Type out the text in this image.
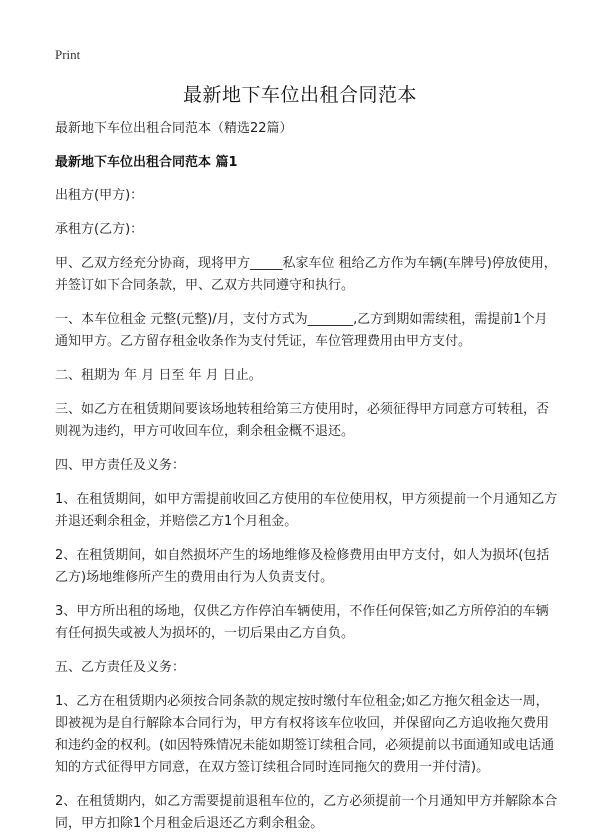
Print
最新地下车位出租合同范本

最新地下车位出租合同范本（精选22篇）

最新地下车位出租合同范本 篇1

出租方(甲方)：

承租方(乙方)：

甲、乙双方经充分协商，现将甲方_____私家车位 租给乙方作为车辆(车牌号)停放使用，并签订如下合同条款，甲、乙双方共同遵守和执行。

一、本车位租金 元整(元整)/月，支付方式为_______,乙方到期如需续租，需提前1个月通知甲方。乙方留存租金收条作为支付凭证，车位管理费用由甲方支付。

二、租期为 年 月 日至 年 月 日止。

三、如乙方在租赁期间要该场地转租给第三方使用时，必须征得甲方同意方可转租，否则视为违约，甲方可收回车位，剩余租金概不退还。

四、甲方责任及义务：

1、在租赁期间，如甲方需提前收回乙方使用的车位使用权，甲方须提前一个月通知乙方并退还剩余租金，并赔偿乙方1个月租金。

2、在租赁期间，如自然损坏产生的场地维修及检修费用由甲方支付，如人为损坏(包括乙方)场地维修所产生的费用由行为人负责支付。

3、甲方所出租的场地，仅供乙方作停泊车辆使用，不作任何保管;如乙方所停泊的车辆有任何损失或被人为损坏的，一切后果由乙方自负。

五、乙方责任及义务：

1、乙方在租赁期内必须按合同条款的规定按时缴付车位租金;如乙方拖欠租金达一周，即被视为是自行解除本合同行为，甲方有权将该车位收回，并保留向乙方追收拖欠费用和违约金的权利。(如因特殊情况未能如期签订续租合同，必须提前以书面通知或电话通知的方式征得甲方同意，在双方签订续租合同时连同拖欠的费用一并付清)。

2、在租赁期内，如乙方需要提前退租车位的，乙方必须提前一个月通知甲方并解除本合同，甲方扣除1个月租金后退还乙方剩余租金。
